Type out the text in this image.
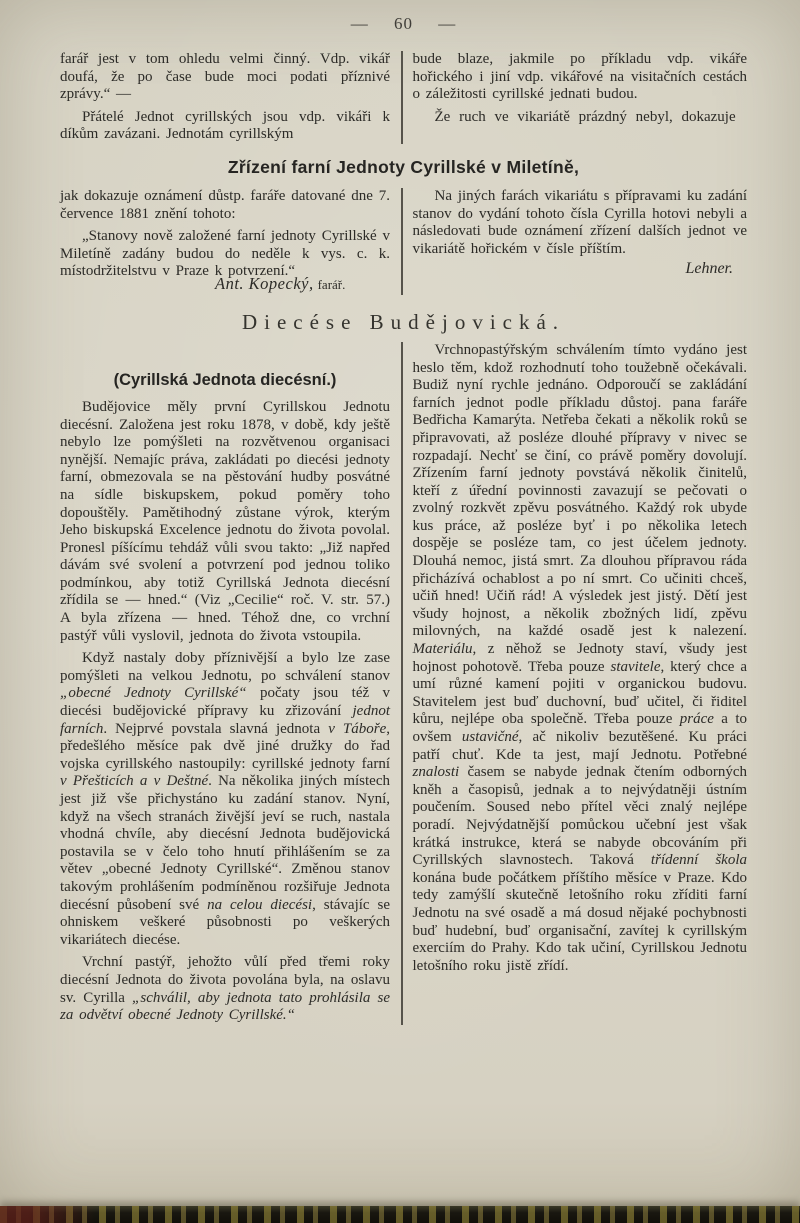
— 60 —

farář jest v tom ohledu velmi činný. Vdp. vikář doufá, že po čase bude moci podati příznivé zprávy.“ —

Přátelé Jednot cyrillských jsou vdp. vikáři k díkům zavázani. Jednotám cyrillským

bude blaze, jakmile po příkladu vdp. vikáře hořického i jiní vdp. vikářové na visitačních cestách o záležitosti cyrillské jednati budou.

Že ruch ve vikariátě prázdný nebyl, dokazuje

Zřízení farní Jednoty Cyrillské v Miletíně,

jak dokazuje oznámení důstp. faráře datované dne 7. července 1881 znění tohoto:

„Stanovy nově založené farní jednoty Cyrillské v Miletíně zadány budou do neděle k vys. c. k. místodržitelstvu v Praze k potvrzení.“

Ant. Kopecký, farář.

Na jiných farách vikariátu s přípravami ku zadání stanov do vydání tohoto čísla Cyrilla hotovi nebyli a následovati bude oznámení zřízení dalších jednot ve vikariátě hořickém v čísle příštím.

Lehner.
Diecése Budějovická.
(Cyrillská Jednota diecésní.)

Budějovice měly první Cyrillskou Jednotu diecésní. Založena jest roku 1878, v době, kdy ještě nebylo lze pomýšleti na rozvětvenou organisaci nynější. Nemajíc práva, zakládati po diecési jednoty farní, obmezovala se na pěstování hudby posvátné na sídle biskupskem, pokud poměry toho dopouštěly. Pamětihodný zůstane výrok, kterým Jeho biskupská Excelence jednotu do života povolal. Pronesl píšícímu tehdáž vůli svou takto: „Již napřed dávám své svolení a potvrzení pod jednou toliko podmínkou, aby totiž Cyrillská Jednota diecésní zřídila se — hned.“ (Viz „Cecilie“ roč. V. str. 57.) A byla zřízena — hned. Téhož dne, co vrchní pastýř vůli vyslovil, jednota do života vstoupila.

Když nastaly doby příznivější a bylo lze zase pomýšleti na velkou Jednotu, po schválení stanov „obecné Jednoty Cyrillské“ počaty jsou též v diecési budějovické přípravy ku zřizování jednot farních. Nejprvé povstala slavná jednota v Táboře, předešlého měsíce pak dvě jiné družky do řad vojska cyrillského nastoupily: cyrillské jednoty farní v Přešticích a v Deštné. Na několika jiných místech jest již vše přichystáno ku zadání stanov. Nyní, když na všech stranách živější jeví se ruch, nastala vhodná chvíle, aby diecésní Jednota budějovická postavila se v čelo toho hnutí přihlášením se za větev „obecné Jednoty Cyrillské“. Změnou stanov takovým prohlášením podmíněnou rozšiřuje Jednota diecésní působení své na celou diecési, stávajíc se ohniskem veškeré působnosti po veškerých vikariátech diecése.

Vrchní pastýř, jehožto vůlí před třemi roky diecésní Jednota do života povolána byla, na oslavu sv. Cyrilla „schválil, aby jednota tato prohlásila se za odvětví obecné Jednoty Cyrillské.“

Vrchnopastýřským schválením tímto vydáno jest heslo těm, kdož rozhodnutí toho toužebně očekávali. Budiž nyní rychle jednáno. Odporoučí se zakládání farních jednot podle příkladu důstoj. pana faráře Bedřicha Kamarýta. Netřeba čekati a několik roků se připravovati, až posléze dlouhé přípravy v nivec se rozpadají. Nechť se činí, co právě poměry dovolují. Zřízením farní jednoty povstává několik činitelů, kteří z úřední povinnosti zavazují se pečovati o zvolný rozkvět zpěvu posvátného. Každý rok ubyde kus práce, až posléze byť i po několika letech dospěje se posléze tam, co jest účelem jednoty. Dlouhá nemoc, jistá smrt. Za dlouhou přípravou ráda přicházívá ochablost a po ní smrt. Co učiniti chceš, učiň hned! Učiň rád! A výsledek jest jistý. Dětí jest všudy hojnost, a několik zbožných lidí, zpěvu milovných, na každé osadě jest k nalezení. Materiálu, z něhož se Jednoty staví, všudy jest hojnost pohotově. Třeba pouze stavitele, který chce a umí různé kamení pojiti v organickou budovu. Stavitelem jest buď duchovní, buď učitel, či řiditel kůru, nejlépe oba společně. Třeba pouze práce a to ovšem ustavičné, ač nikoliv bezutěšené. Ku práci patří chuť. Kde ta jest, mají Jednotu. Potřebné znalosti časem se nabyde jednak čtením odborných kněh a časopisů, jednak a to nejvýdatněji ústním poučením. Soused nebo přítel věci znalý nejlépe poradí. Nejvýdatnější pomůckou učební jest však krátká instrukce, která se nabyde obcováním při Cyrillských slavnostech. Taková třídenní škola konána bude počátkem příštího měsíce v Praze. Kdo tedy zamýšlí skutečně letošního roku zříditi farní Jednotu na své osadě a má dosud nějaké pochybnosti buď hudební, buď organisační, zavítej k cyrillským exerciím do Prahy. Kdo tak učiní, Cyrillskou Jednotu letošního roku jistě zřídí.
